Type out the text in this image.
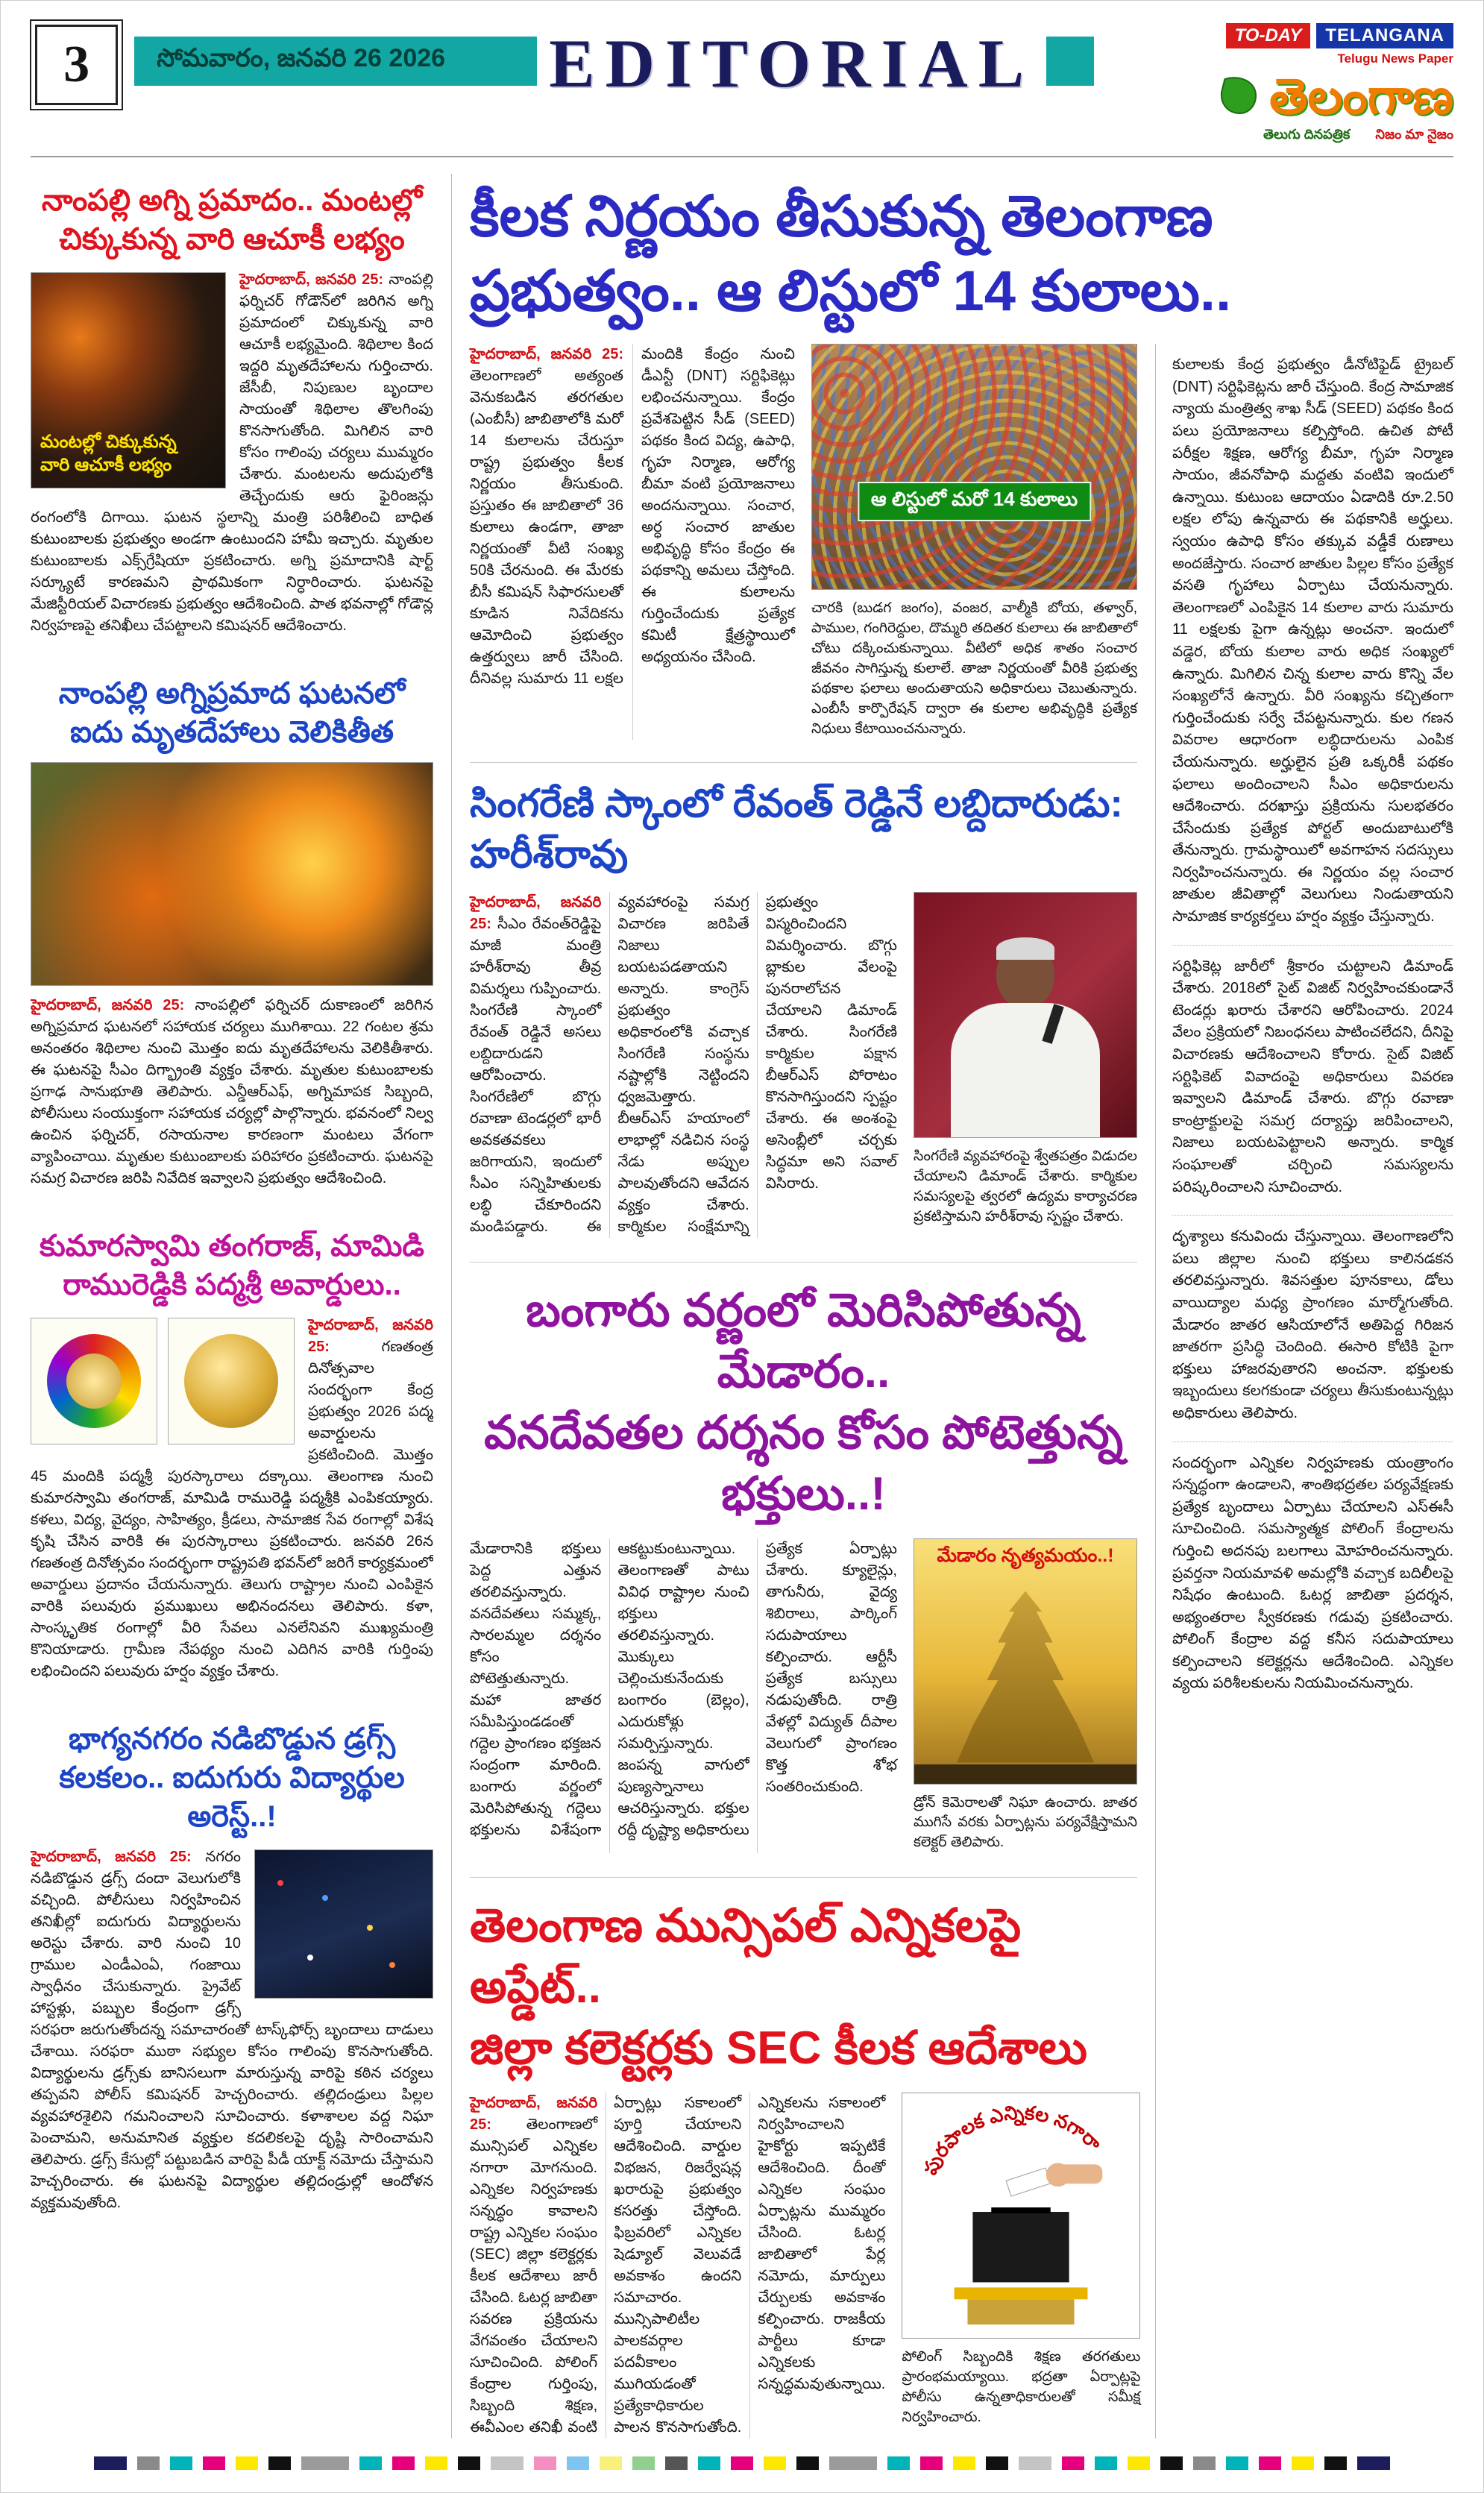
3	సోమవారం, జనవరి 26 2026 EDITORIAL	TO-DAY	TELANGANA
Telugu News Paper
తెలంగాణ
తెలుగు దినపత్రిక నిజం మా నైజం
నాంపల్లి అగ్ని ప్రమాదం.. మంటల్లో చిక్కుకున్న వారి ఆచూకీ లభ్యం
మంటల్లో చిక్కుకున్న వారి ఆచూకీ లభ్యం

హైదరాబాద్, జనవరి 25: నాంపల్లి ఫర్నిచర్ గోడౌన్‌లో జరిగిన అగ్ని ప్రమాదంలో చిక్కుకున్న వారి ఆచూకీ లభ్యమైంది. శిథిలాల కింద ఇద్దరి మృతదేహాలను గుర్తించారు. జేసీబీ, నిపుణుల బృందాల సాయంతో శిథిలాల తొలగింపు కొనసాగుతోంది. మిగిలిన వారి కోసం గాలింపు చర్యలు ముమ్మరం చేశారు. మంటలను అదుపులోకి తెచ్చేందుకు ఆరు ఫైరింజన్లు రంగంలోకి దిగాయి. ఘటన స్థలాన్ని మంత్రి పరిశీలించి బాధిత కుటుంబాలకు ప్రభుత్వం అండగా ఉంటుందని హామీ ఇచ్చారు. మృతుల కుటుంబాలకు ఎక్స్‌గ్రేషియా ప్రకటించారు. అగ్ని ప్రమాదానికి షార్ట్ సర్క్యూటే కారణమని ప్రాథమికంగా నిర్ధారించారు. ఘటనపై మేజిస్టీరియల్ విచారణకు ప్రభుత్వం ఆదేశించింది. పాత భవనాల్లో గోడౌన్ల నిర్వహణపై తనిఖీలు చేపట్టాలని కమిషనర్ ఆదేశించారు.

నాంపల్లి అగ్నిప్రమాద ఘటనలో ఐదు మృతదేహాలు వెలికితీత

హైదరాబాద్, జనవరి 25: నాంపల్లిలో ఫర్నిచర్ దుకాణంలో జరిగిన అగ్నిప్రమాద ఘటనలో సహాయక చర్యలు ముగిశాయి. 22 గంటల శ్రమ అనంతరం శిథిలాల నుంచి మొత్తం ఐదు మృతదేహాలను వెలికితీశారు. ఈ ఘటనపై సీఎం దిగ్భ్రాంతి వ్యక్తం చేశారు. మృతుల కుటుంబాలకు ప్రగాఢ సానుభూతి తెలిపారు. ఎన్డీఆర్ఎఫ్, అగ్నిమాపక సిబ్బంది, పోలీసులు సంయుక్తంగా సహాయక చర్యల్లో పాల్గొన్నారు. భవనంలో నిల్వ ఉంచిన ఫర్నిచర్, రసాయనాల కారణంగా మంటలు వేగంగా వ్యాపించాయి. మృతుల కుటుంబాలకు పరిహారం ప్రకటించారు. ఘటనపై సమగ్ర విచారణ జరిపి నివేదిక ఇవ్వాలని ప్రభుత్వం ఆదేశించింది.

కుమారస్వామి తంగరాజ్, మామిడి రామురెడ్డికి పద్మశ్రీ అవార్డులు..

హైదరాబాద్, జనవరి 25:	గణతంత్ర దినోత్సవాల సందర్భంగా కేంద్ర ప్రభుత్వం 2026 పద్మ అవార్డులను ప్రకటించింది. మొత్తం 45 మందికి పద్మశ్రీ పురస్కారాలు దక్కాయి. తెలంగాణ నుంచి కుమారస్వామి తంగరాజ్, మామిడి రామురెడ్డి పద్మశ్రీకి ఎంపికయ్యారు. కళలు, విద్య, వైద్యం, సాహిత్యం, క్రీడలు, సామాజిక సేవ రంగాల్లో విశేష కృషి చేసిన వారికి ఈ పురస్కారాలు ప్రకటించారు. జనవరి 26న గణతంత్ర దినోత్సవం సందర్భంగా రాష్ట్రపతి భవన్‌లో జరిగే కార్యక్రమంలో అవార్డులు ప్రదానం చేయనున్నారు. తెలుగు రాష్ట్రాల నుంచి ఎంపికైన వారికి పలువురు ప్రముఖులు అభినందనలు తెలిపారు. కళా, సాంస్కృతిక రంగాల్లో వీరి సేవలు ఎనలేనివని ముఖ్యమంత్రి కొనియాడారు. గ్రామీణ నేపథ్యం నుంచి ఎదిగిన వారికి గుర్తింపు లభించిందని పలువురు హర్షం వ్యక్తం చేశారు.

భాగ్యనగరం నడిబొడ్డున డ్రగ్స్ కలకలం.. ఐదుగురు విద్యార్థుల అరెస్ట్..!

హైదరాబాద్, జనవరి 25: నగరం నడిబొడ్డున డ్రగ్స్ దందా వెలుగులోకి వచ్చింది. పోలీసులు నిర్వహించిన తనిఖీల్లో ఐదుగురు విద్యార్థులను అరెస్టు చేశారు. వారి నుంచి 10 గ్రాముల ఎండీఎంఏ, గంజాయి స్వాధీనం చేసుకున్నారు. ప్రైవేట్ హాస్టళ్లు, పబ్బుల కేంద్రంగా డ్రగ్స్ సరఫరా జరుగుతోందన్న సమాచారంతో టాస్క్‌ఫోర్స్ బృందాలు దాడులు చేశాయి. సరఫరా ముఠా సభ్యుల కోసం గాలింపు కొనసాగుతోంది. విద్యార్థులను డ్రగ్స్‌కు బానిసలుగా మారుస్తున్న వారిపై కఠిన చర్యలు తప్పవని పోలీస్ కమిషనర్ హెచ్చరించారు. తల్లిదండ్రులు పిల్లల వ్యవహారశైలిని గమనించాలని సూచించారు. కళాశాలల వద్ద నిఘా పెంచామని, అనుమానిత వ్యక్తుల కదలికలపై దృష్టి సారించామని తెలిపారు. డ్రగ్స్ కేసుల్లో పట్టుబడిన వారిపై పీడీ యాక్ట్ నమోదు చేస్తామని హెచ్చరించారు. ఈ ఘటనపై విద్యార్థుల తల్లిదండ్రుల్లో ఆందోళన వ్యక్తమవుతోంది.

కీలక నిర్ణయం తీసుకున్న తెలంగాణ
ప్రభుత్వం.. ఆ లిస్టులో 14 కులాలు..

హైదరాబాద్, జనవరి 25: తెలంగాణలో అత్యంత వెనుకబడిన తరగతుల (ఎంబీసీ) జాబితాలోకి మరో 14 కులాలను చేరుస్తూ రాష్ట్ర ప్రభుత్వం కీలక నిర్ణయం తీసుకుంది. ప్రస్తుతం ఈ జాబితాలో 36 కులాలు ఉండగా, తాజా నిర్ణయంతో వీటి సంఖ్య 50కి చేరనుంది. ఈ మేరకు బీసీ కమిషన్ సిఫారసులతో కూడిన నివేదికను ఆమోదించి ప్రభుత్వం ఉత్తర్వులు జారీ చేసింది. దీనివల్ల సుమారు 11 లక్షల మందికి కేంద్రం నుంచి డీఎన్టీ (DNT) సర్టిఫికెట్లు లభించనున్నాయి. కేంద్రం ప్రవేశపెట్టిన సీడ్ (SEED) పథకం కింద విద్య, ఉపాధి, గృహ నిర్మాణ, ఆరోగ్య బీమా వంటి ప్రయోజనాలు అందనున్నాయి. సంచార, అర్ధ సంచార జాతుల అభివృద్ధి కోసం కేంద్రం ఈ పథకాన్ని అమలు చేస్తోంది. ఈ కులాలను గుర్తించేందుకు ప్రత్యేక కమిటీ క్షేత్రస్థాయిలో అధ్యయనం చేసింది.

ఆ లిస్టులో మరో 14 కులాలు

చారకి (బుడగ జంగం), వంజర, వాల్మీకి బోయ, తళ్వార్, పాముల, గంగిరెద్దుల, దొమ్మరి తదితర కులాలు ఈ జాబితాలో చోటు దక్కించుకున్నాయి. వీటిలో అధిక శాతం సంచార జీవనం సాగిస్తున్న కులాలే. తాజా నిర్ణయంతో వీరికి ప్రభుత్వ పథకాల ఫలాలు అందుతాయని అధికారులు చెబుతున్నారు. ఎంబీసీ కార్పొరేషన్ ద్వారా ఈ కులాల అభివృద్ధికి ప్రత్యేక నిధులు కేటాయించనున్నారు.

సింగరేణి స్కాంలో రేవంత్ రెడ్డినే లబ్దిదారుడు: హరీశ్‌రావు

హైదరాబాద్, జనవరి 25: సీఎం రేవంత్‌రెడ్డిపై మాజీ మంత్రి హరీశ్‌రావు తీవ్ర విమర్శలు గుప్పించారు. సింగరేణి స్కాంలో రేవంత్ రెడ్డినే అసలు లబ్దిదారుడని ఆరోపించారు. సింగరేణిలో బొగ్గు రవాణా టెండర్లలో భారీ అవకతవకలు జరిగాయని, ఇందులో సీఎం సన్నిహితులకు లబ్ధి చేకూరిందని మండిపడ్డారు. ఈ వ్యవహారంపై సమగ్ర విచారణ జరిపితే నిజాలు బయటపడతాయని అన్నారు. కాంగ్రెస్ ప్రభుత్వం అధికారంలోకి వచ్చాక సింగరేణి సంస్థను నష్టాల్లోకి నెట్టిందని ధ్వజమెత్తారు. బీఆర్ఎస్ హయాంలో లాభాల్లో నడిచిన సంస్థ నేడు అప్పుల పాలవుతోందని ఆవేదన వ్యక్తం చేశారు. కార్మికుల సంక్షేమాన్ని ప్రభుత్వం విస్మరించిందని విమర్శించారు. బొగ్గు బ్లాకుల వేలంపై పునరాలోచన చేయాలని డిమాండ్ చేశారు. సింగరేణి కార్మికుల పక్షాన బీఆర్ఎస్ పోరాటం కొనసాగిస్తుందని స్పష్టం చేశారు. ఈ అంశంపై అసెంబ్లీలో చర్చకు సిద్ధమా అని సవాల్ విసిరారు.

సింగరేణి వ్యవహారంపై శ్వేతపత్రం విడుదల చేయాలని డిమాండ్ చేశారు. కార్మికుల సమస్యలపై త్వరలో ఉద్యమ కార్యాచరణ ప్రకటిస్తామని హరీశ్‌రావు స్పష్టం చేశారు.

బంగారు వర్ణంలో మెరిసిపోతున్న మేడారం..
వనదేవతల దర్శనం కోసం పోటెత్తున్న భక్తులు..!

మేడారానికి భక్తులు పెద్ద ఎత్తున తరలివస్తున్నారు. వనదేవతలు సమ్మక్క, సారలమ్మల దర్శనం కోసం పోటెత్తుతున్నారు. మహా జాతర సమీపిస్తుండడంతో గద్దెల ప్రాంగణం భక్తజన సంద్రంగా మారింది. బంగారు వర్ణంలో మెరిసిపోతున్న గద్దెలు భక్తులను విశేషంగా ఆకట్టుకుంటున్నాయి. తెలంగాణతో పాటు వివిధ రాష్ట్రాల నుంచి భక్తులు తరలివస్తున్నారు. మొక్కులు చెల్లించుకునేందుకు బంగారం (బెల్లం), ఎదురుకోళ్లు సమర్పిస్తున్నారు. జంపన్న వాగులో పుణ్యస్నానాలు ఆచరిస్తున్నారు. భక్తుల రద్దీ దృష్ట్యా అధికారులు ప్రత్యేక ఏర్పాట్లు చేశారు. క్యూలైన్లు, తాగునీరు, వైద్య శిబిరాలు, పార్కింగ్ సదుపాయాలు కల్పించారు. ఆర్టీసీ ప్రత్యేక బస్సులు నడుపుతోంది. రాత్రి వేళల్లో విద్యుత్ దీపాల వెలుగులో ప్రాంగణం కొత్త శోభ సంతరించుకుంది.

మేడారం నృత్యమయం..!

డ్రోన్ కెమెరాలతో నిఘా ఉంచారు. జాతర ముగిసే వరకు ఏర్పాట్లను పర్యవేక్షిస్తామని కలెక్టర్ తెలిపారు.

తెలంగాణ మున్సిపల్ ఎన్నికలపై అప్డేట్..
జిల్లా కలెక్టర్లకు SEC కీలక ఆదేశాలు

హైదరాబాద్, జనవరి 25: తెలంగాణలో మున్సిపల్ ఎన్నికల నగారా మోగనుంది. ఎన్నికల నిర్వహణకు సన్నద్ధం కావాలని రాష్ట్ర ఎన్నికల సంఘం (SEC) జిల్లా కలెక్టర్లకు కీలక ఆదేశాలు జారీ చేసింది. ఓటర్ల జాబితా సవరణ ప్రక్రియను వేగవంతం చేయాలని సూచించింది. పోలింగ్ కేంద్రాల గుర్తింపు, సిబ్బంది శిక్షణ, ఈవీఎంల తనిఖీ వంటి ఏర్పాట్లు సకాలంలో పూర్తి చేయాలని ఆదేశించింది. వార్డుల విభజన, రిజర్వేషన్ల ఖరారుపై ప్రభుత్వం కసరత్తు చేస్తోంది. ఫిబ్రవరిలో ఎన్నికల షెడ్యూల్ వెలువడే అవకాశం ఉందని సమాచారం. మున్సిపాలిటీల పాలకవర్గాల పదవీకాలం ముగియడంతో ప్రత్యేకాధికారుల పాలన కొనసాగుతోంది. ఎన్నికలను సకాలంలో నిర్వహించాలని హైకోర్టు ఇప్పటికే ఆదేశించింది. దీంతో ఎన్నికల సంఘం ఏర్పాట్లను ముమ్మరం చేసింది. ఓటర్ల జాబితాలో పేర్ల నమోదు, మార్పులు చేర్పులకు అవకాశం కల్పించారు. రాజకీయ పార్టీలు కూడా ఎన్నికలకు సన్నద్ధమవుతున్నాయి.

పురపాలక ఎన్నికల నగారా

పోలింగ్ సిబ్బందికి శిక్షణ తరగతులు ప్రారంభమయ్యాయి. భద్రతా ఏర్పాట్లపై పోలీసు ఉన్నతాధికారులతో సమీక్ష నిర్వహించారు.

కులాలకు కేంద్ర ప్రభుత్వం డీనోటిఫైడ్ ట్రైబల్ (DNT) సర్టిఫికెట్లను జారీ చేస్తుంది. కేంద్ర సామాజిక న్యాయ మంత్రిత్వ శాఖ సీడ్ (SEED) పథకం కింద పలు ప్రయోజనాలు కల్పిస్తోంది. ఉచిత పోటీ పరీక్షల శిక్షణ, ఆరోగ్య బీమా, గృహ నిర్మాణ సాయం, జీవనోపాధి మద్దతు వంటివి ఇందులో ఉన్నాయి. కుటుంబ ఆదాయం ఏడాదికి రూ.2.50 లక్షల లోపు ఉన్నవారు ఈ పథకానికి అర్హులు. స్వయం ఉపాధి కోసం తక్కువ వడ్డీకే రుణాలు అందజేస్తారు. సంచార జాతుల పిల్లల కోసం ప్రత్యేక వసతి గృహాలు ఏర్పాటు చేయనున్నారు. తెలంగాణలో ఎంపికైన 14 కులాల వారు సుమారు 11 లక్షలకు పైగా ఉన్నట్లు అంచనా. ఇందులో వడ్డెర, బోయ కులాల వారు అధిక సంఖ్యలో ఉన్నారు. మిగిలిన చిన్న కులాల వారు కొన్ని వేల సంఖ్యలోనే ఉన్నారు. వీరి సంఖ్యను కచ్చితంగా గుర్తించేందుకు సర్వే చేపట్టనున్నారు. కుల గణన వివరాల ఆధారంగా లబ్ధిదారులను ఎంపిక చేయనున్నారు. అర్హులైన ప్రతి ఒక్కరికీ పథకం ఫలాలు అందించాలని సీఎం అధికారులను ఆదేశించారు. దరఖాస్తు ప్రక్రియను సులభతరం చేసేందుకు ప్రత్యేక పోర్టల్ అందుబాటులోకి తేనున్నారు. గ్రామస్థాయిలో అవగాహన సదస్సులు నిర్వహించనున్నారు. ఈ నిర్ణయం వల్ల సంచార జాతుల జీవితాల్లో వెలుగులు నిండుతాయని సామాజిక కార్యకర్తలు హర్షం వ్యక్తం చేస్తున్నారు.

సర్టిఫికెట్ల జారీలో శ్రీకారం చుట్టాలని డిమాండ్ చేశారు. 2018లో సైట్ విజిట్ నిర్వహించకుండానే టెండర్లు ఖరారు చేశారని ఆరోపించారు. 2024 వేలం ప్రక్రియలో నిబంధనలు పాటించలేదని, దీనిపై విచారణకు ఆదేశించాలని కోరారు. సైట్ విజిట్ సర్టిఫికెట్ వివాదంపై అధికారులు వివరణ ఇవ్వాలని డిమాండ్ చేశారు. బొగ్గు రవాణా కాంట్రాక్టులపై సమగ్ర దర్యాప్తు జరిపించాలని, నిజాలు బయటపెట్టాలని అన్నారు. కార్మిక సంఘాలతో చర్చించి సమస్యలను పరిష్కరించాలని సూచించారు.

దృశ్యాలు కనువిందు చేస్తున్నాయి. తెలంగాణలోని పలు జిల్లాల నుంచి భక్తులు కాలినడకన తరలివస్తున్నారు. శివసత్తుల పూనకాలు, డోలు వాయిద్యాల మధ్య ప్రాంగణం మార్మోగుతోంది. మేడారం జాతర ఆసియాలోనే అతిపెద్ద గిరిజన జాతరగా ప్రసిద్ధి చెందింది. ఈసారి కోటికి పైగా భక్తులు హాజరవుతారని అంచనా. భక్తులకు ఇబ్బందులు కలగకుండా చర్యలు తీసుకుంటున్నట్లు అధికారులు తెలిపారు.

సందర్భంగా ఎన్నికల నిర్వహణకు యంత్రాంగం సన్నద్ధంగా ఉండాలని, శాంతిభద్రతల పర్యవేక్షణకు ప్రత్యేక బృందాలు ఏర్పాటు చేయాలని ఎస్ఈసీ సూచించింది. సమస్యాత్మక పోలింగ్ కేంద్రాలను గుర్తించి అదనపు బలగాలు మోహరించనున్నారు. ప్రవర్తనా నియమావళి అమల్లోకి వచ్చాక బదిలీలపై నిషేధం ఉంటుంది. ఓటర్ల జాబితా ప్రదర్శన, అభ్యంతరాల స్వీకరణకు గడువు ప్రకటించారు. పోలింగ్ కేంద్రాల వద్ద కనీస సదుపాయాలు కల్పించాలని కలెక్టర్లను ఆదేశించింది. ఎన్నికల వ్యయ పరిశీలకులను నియమించనున్నారు.
